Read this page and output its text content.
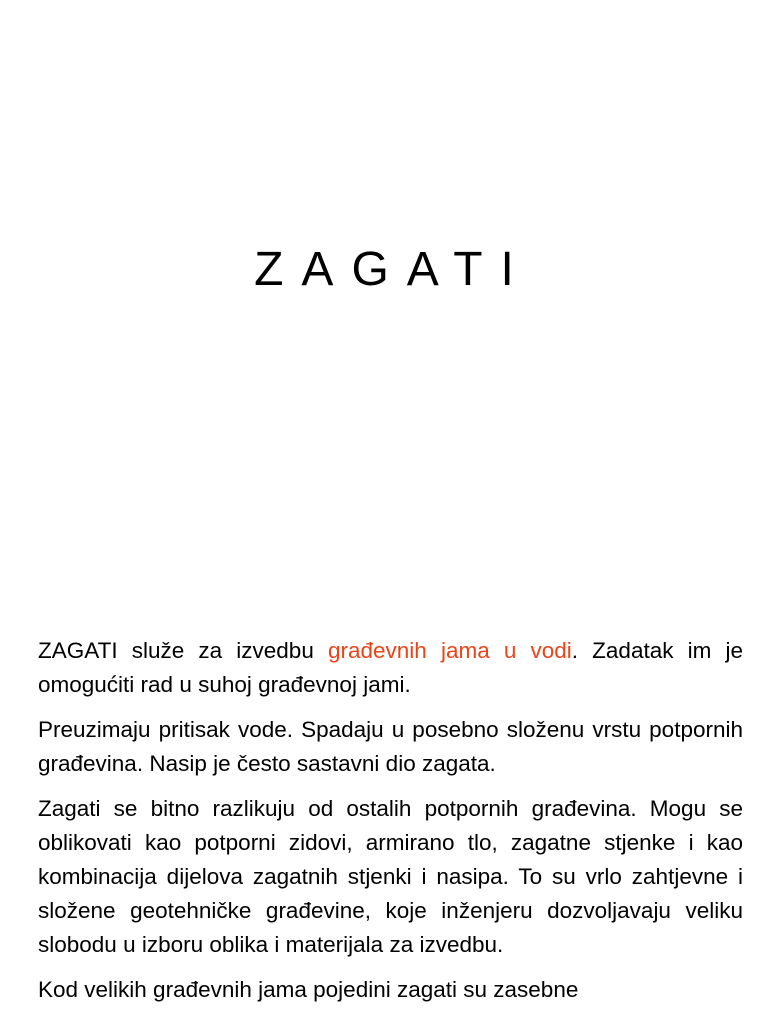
ZAGATI

ZAGATI služe za izvedbu građevnih jama u vodi. Zadatak im je omogućiti rad u suhoj građevnoj jami.

Preuzimaju pritisak vode. Spadaju u posebno složenu vrstu potpornih građevina. Nasip je često sastavni dio zagata.

Zagati se bitno razlikuju od ostalih potpornih građevina. Mogu se oblikovati kao potporni zidovi, armirano tlo, zagatne stjenke i kao kombinacija dijelova zagatnih stjenki i nasipa. To su vrlo zahtjevne i složene geotehničke građevine, koje inženjeru dozvoljavaju veliku slobodu u izboru oblika i materijala za izvedbu.

Kod velikih građevnih jama pojedini zagati su zasebne
